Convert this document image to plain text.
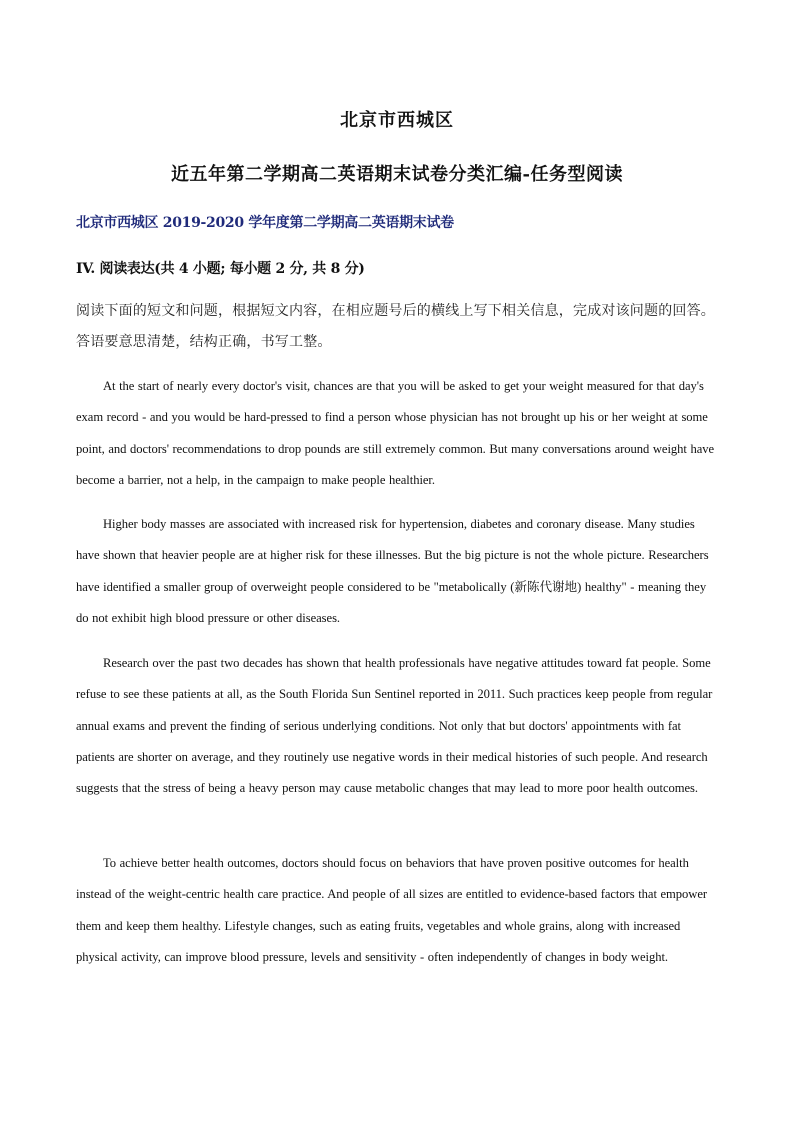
北京市西城区
近五年第二学期高二英语期末试卷分类汇编-任务型阅读
北京市西城区 2019-2020 学年度第二学期高二英语期末试卷
IV. 阅读表达(共 4 小题; 每小题 2 分, 共 8 分)
阅读下面的短文和问题，根据短文内容，在相应题号后的横线上写下相关信息，完成对该问题的回答。答语要意思清楚，结构正确，书写工整。

At the start of nearly every doctor's visit, chances are that you will be asked to get your weight measured for that day's exam record - and you would be hard-pressed to find a person whose physician has not brought up his or her weight at some point, and doctors' recommendations to drop pounds are still extremely common. But many conversations around weight have become a barrier, not a help, in the campaign to make people healthier.

Higher body masses are associated with increased risk for hypertension, diabetes and coronary disease. Many studies have shown that heavier people are at higher risk for these illnesses. But the big picture is not the whole picture. Researchers have identified a smaller group of overweight people considered to be "metabolically (新陈代谢地) healthy" - meaning they do not exhibit high blood pressure or other diseases.

Research over the past two decades has shown that health professionals have negative attitudes toward fat people. Some refuse to see these patients at all, as the South Florida Sun Sentinel reported in 2011. Such practices keep people from regular annual exams and prevent the finding of serious underlying conditions. Not only that but doctors' appointments with fat patients are shorter on average, and they routinely use negative words in their medical histories of such people. And research suggests that the stress of being a heavy person may cause metabolic changes that may lead to more poor health outcomes.

To achieve better health outcomes, doctors should focus on behaviors that have proven positive outcomes for health instead of the weight-centric health care practice. And people of all sizes are entitled to evidence-based factors that empower them and keep them healthy. Lifestyle changes, such as eating fruits, vegetables and whole grains, along with increased physical activity, can improve blood pressure, levels and sensitivity - often independently of changes in body weight.
